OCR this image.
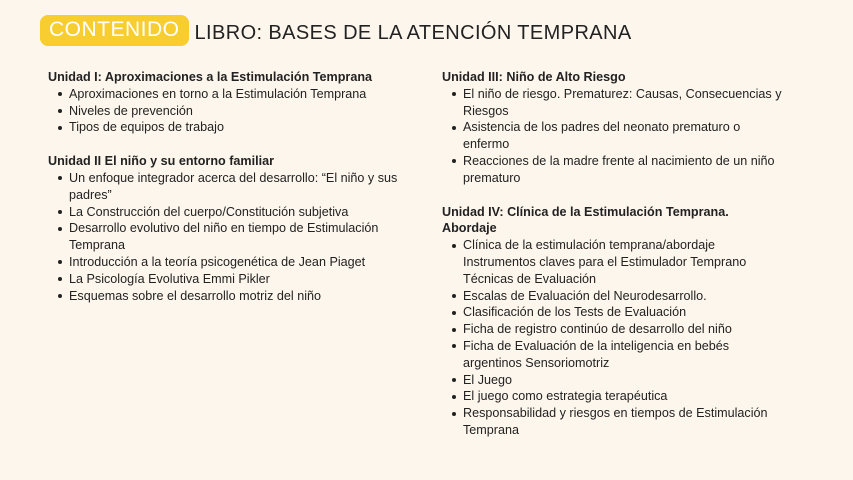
CONTENIDO LIBRO: BASES DE LA ATENCIÓN TEMPRANA
Unidad I: Aproximaciones a la Estimulación Temprana
Aproximaciones en torno a la Estimulación Temprana
Niveles de prevención
Tipos de equipos de trabajo
Unidad II El niño y su entorno familiar
Un enfoque integrador acerca del desarrollo: “El niño y sus padres”
La Construcción del cuerpo/Constitución subjetiva
Desarrollo evolutivo del niño en tiempo de Estimulación Temprana
Introducción a la teoría psicogenética de Jean Piaget
La Psicología Evolutiva Emmi Pikler
Esquemas sobre el desarrollo motriz del niño
Unidad III: Niño de Alto Riesgo
El niño de riesgo. Prematurez: Causas, Consecuencias y Riesgos
Asistencia de los padres del neonato prematuro o enfermo
Reacciones de la madre frente al nacimiento de un niño prematuro
Unidad IV: Clínica de la Estimulación Temprana. Abordaje
Clínica de la estimulación temprana/abordaje Instrumentos claves para el Estimulador Temprano Técnicas de Evaluación
Escalas de Evaluación del Neurodesarrollo.
Clasificación de los Tests de Evaluación
Ficha de registro continúo de desarrollo del niño
Ficha de Evaluación de la inteligencia en bebés argentinos Sensoriomotriz
El Juego
El juego como estrategia terapéutica
Responsabilidad y riesgos en tiempos de Estimulación Temprana
